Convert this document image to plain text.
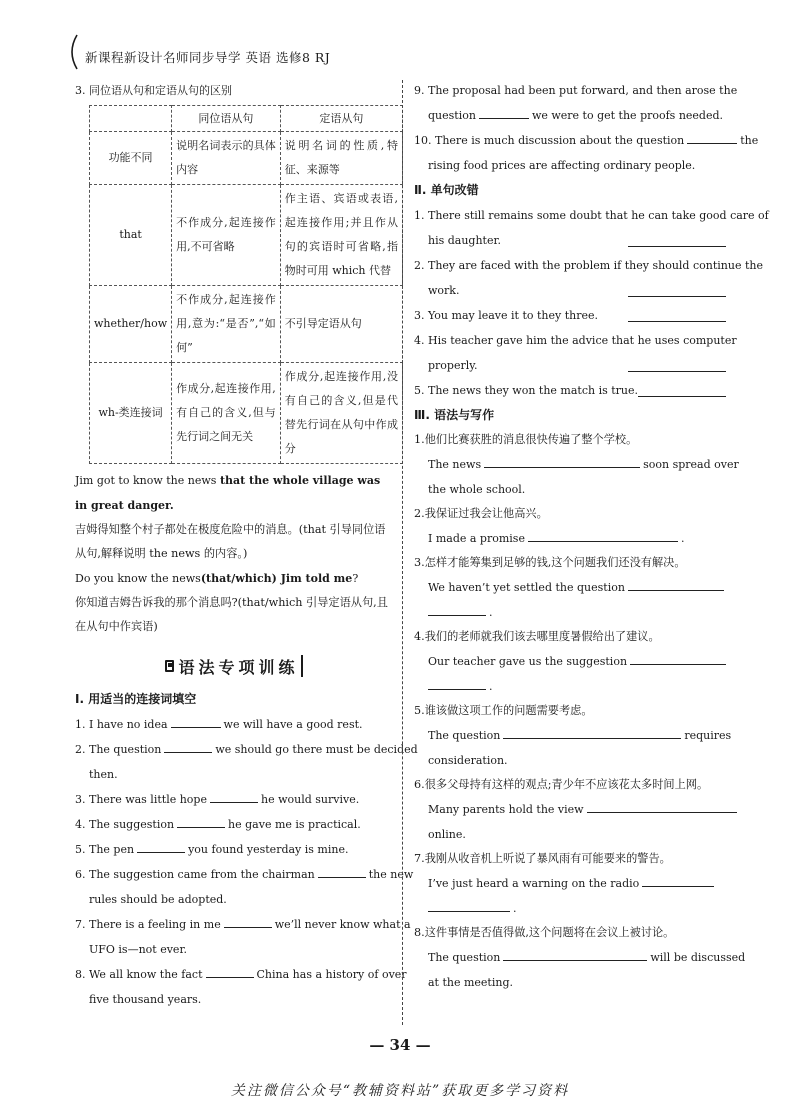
新课程新设计名师同步导学 英语 选修8 RJ
3. 同位语从句和定语从句的区别
	同位语从句	定语从句
功能不同	说明名词表示的具体内容	说明名词的性质,特征、来源等
that	不作成分,起连接作用,不可省略	作主语、宾语或表语,起连接作用;并且作从句的宾语时可省略,指物时可用 which 代替
whether/how	不作成分,起连接作用,意为:“是否”,“如何”	不引导定语从句
wh-类连接词	作成分,起连接作用,有自己的含义,但与先行词之间无关	作成分,起连接作用,没有自己的含义,但是代替先行词在从句中作成分
Jim got to know the news that the whole village was in great danger.
吉姆得知整个村子都处在极度危险中的消息。(that 引导同位语从句,解释说明 the news 的内容。)
Do you know the news(that/which) Jim told me?
你知道吉姆告诉我的那个消息吗?(that/which 引导定语从句,且在从句中作宾语)
语法专项训练
Ⅰ. 用适当的连接词填空
1. I have no idea	we will have a good rest.
2. The question	we should go there must be decided
then.
3. There was little hope	he would survive.
4. The suggestion	he gave me is practical.
5. The pen	you found yesterday is mine.
6. The suggestion came from the chairman	the new
rules should be adopted.
7. There is a feeling in me	we’ll never know what a
UFO is—not ever.
8. We all know the fact	China has a history of over
five thousand years.
9. The proposal had been put forward, and then arose the
question	we were to get the proofs needed.
10. There is much discussion about the question	the
rising food prices are affecting ordinary people.
Ⅱ. 单句改错
1. There still remains some doubt that he can take good care of
his daughter.
2. They are faced with the problem if they should continue the
work.
3. You may leave it to they three.
4. His teacher gave him the advice that he uses computer
properly.
5. The news they won the match is true.
Ⅲ. 语法与写作
1.他们比赛获胜的消息很快传遍了整个学校。
The news	soon spread over
the whole school.
2.我保证过我会让他高兴。
I made a promise	.
3.怎样才能筹集到足够的钱,这个问题我们还没有解决。
We haven’t yet settled the question
.
4.我们的老师就我们该去哪里度暑假给出了建议。
Our teacher gave us the suggestion
.
5.谁该做这项工作的问题需要考虑。
The question	requires
consideration.
6.很多父母持有这样的观点;青少年不应该花太多时间上网。
Many parents hold the view
online.
7.我刚从收音机上听说了暴风雨有可能要来的警告。
I’ve just heard a warning on the radio
.
8.这件事情是否值得做,这个问题将在会议上被讨论。
The question	will be discussed
at the meeting.
— 34 —
关注微信公众号“教辅资料站”获取更多学习资料
